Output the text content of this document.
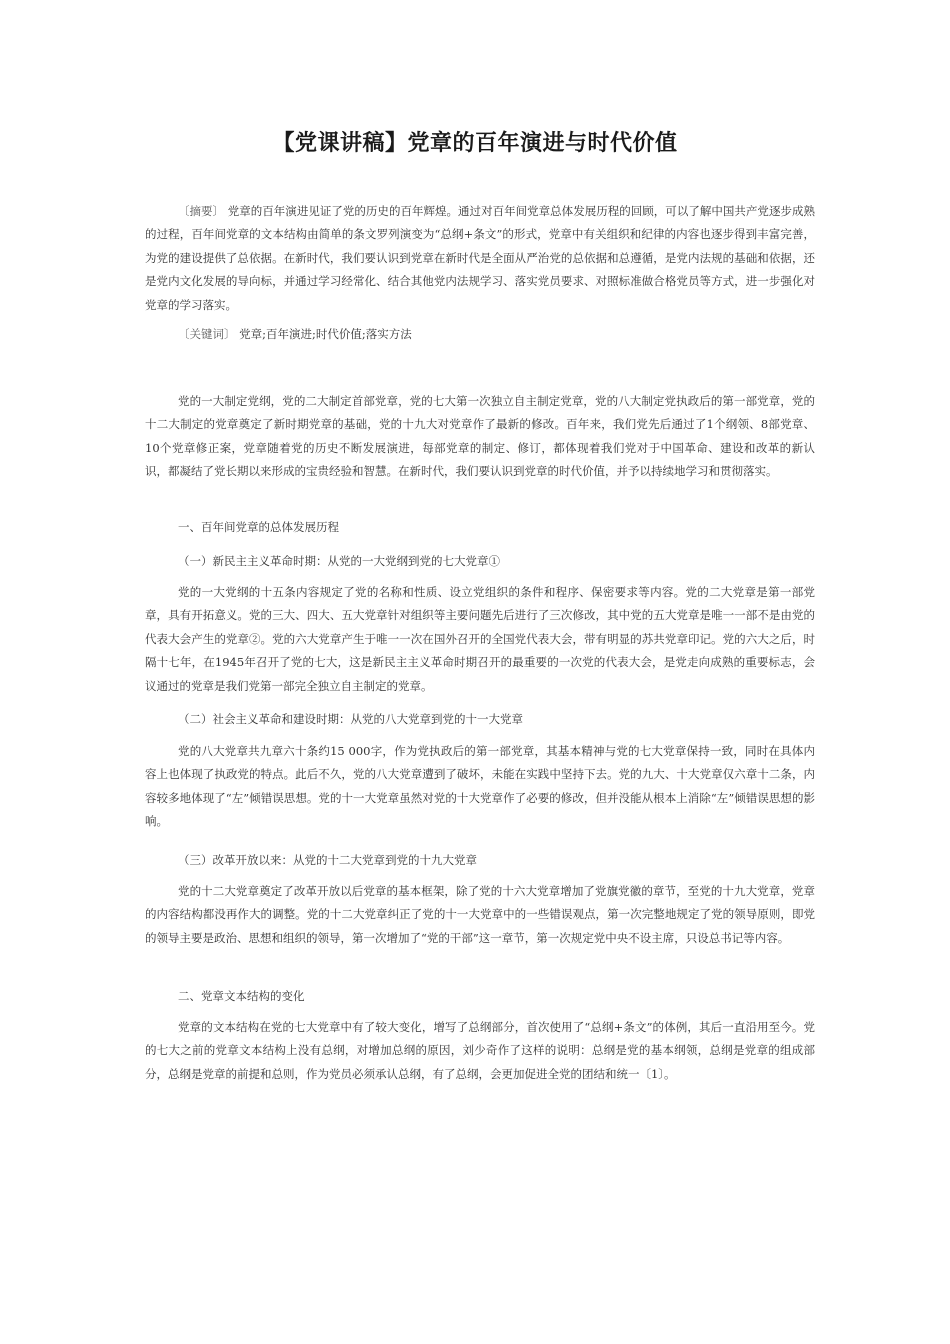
【党课讲稿】党章的百年演进与时代价值

〔摘要〕 党章的百年演进见证了党的历史的百年辉煌。通过对百年间党章总体发展历程的回顾，可以了解中国共产党逐步成熟的过程，百年间党章的文本结构由简单的条文罗列演变为“总纲+条文”的形式，党章中有关组织和纪律的内容也逐步得到丰富完善，为党的建设提供了总依据。在新时代，我们要认识到党章在新时代是全面从严治党的总依据和总遵循，是党内法规的基础和依据，还是党内文化发展的导向标，并通过学习经常化、结合其他党内法规学习、落实党员要求、对照标准做合格党员等方式，进一步强化对党章的学习落实。

〔关键词〕 党章;百年演进;时代价值;落实方法

党的一大制定党纲，党的二大制定首部党章，党的七大第一次独立自主制定党章，党的八大制定党执政后的第一部党章，党的十二大制定的党章奠定了新时期党章的基础，党的十九大对党章作了最新的修改。百年来，我们党先后通过了1个纲领、8部党章、10个党章修正案，党章随着党的历史不断发展演进，每部党章的制定、修订，都体现着我们党对于中国革命、建设和改革的新认识，都凝结了党长期以来形成的宝贵经验和智慧。在新时代，我们要认识到党章的时代价值，并予以持续地学习和贯彻落实。

一、百年间党章的总体发展历程

（一）新民主主义革命时期：从党的一大党纲到党的七大党章①

党的一大党纲的十五条内容规定了党的名称和性质、设立党组织的条件和程序、保密要求等内容。党的二大党章是第一部党章，具有开拓意义。党的三大、四大、五大党章针对组织等主要问题先后进行了三次修改，其中党的五大党章是唯一一部不是由党的代表大会产生的党章②。党的六大党章产生于唯一一次在国外召开的全国党代表大会，带有明显的苏共党章印记。党的六大之后，时隔十七年，在1945年召开了党的七大，这是新民主主义革命时期召开的最重要的一次党的代表大会，是党走向成熟的重要标志，会议通过的党章是我们党第一部完全独立自主制定的党章。

（二）社会主义革命和建设时期：从党的八大党章到党的十一大党章

党的八大党章共九章六十条约15 000字，作为党执政后的第一部党章，其基本精神与党的七大党章保持一致，同时在具体内容上也体现了执政党的特点。此后不久，党的八大党章遭到了破坏，未能在实践中坚持下去。党的九大、十大党章仅六章十二条，内容较多地体现了“左”倾错误思想。党的十一大党章虽然对党的十大党章作了必要的修改，但并没能从根本上消除“左”倾错误思想的影响。

（三）改革开放以来：从党的十二大党章到党的十九大党章

党的十二大党章奠定了改革开放以后党章的基本框架，除了党的十六大党章增加了党旗党徽的章节，至党的十九大党章，党章的内容结构都没再作大的调整。党的十二大党章纠正了党的十一大党章中的一些错误观点，第一次完整地规定了党的领导原则，即党的领导主要是政治、思想和组织的领导，第一次增加了“党的干部”这一章节，第一次规定党中央不设主席，只设总书记等内容。

二、党章文本结构的变化

党章的文本结构在党的七大党章中有了较大变化，增写了总纲部分，首次使用了“总纲+条文”的体例，其后一直沿用至今。党的七大之前的党章文本结构上没有总纲，对增加总纲的原因，刘少奇作了这样的说明：总纲是党的基本纲领，总纲是党章的组成部分，总纲是党章的前提和总则，作为党员必须承认总纲，有了总纲，会更加促进全党的团结和统一〔1〕。
